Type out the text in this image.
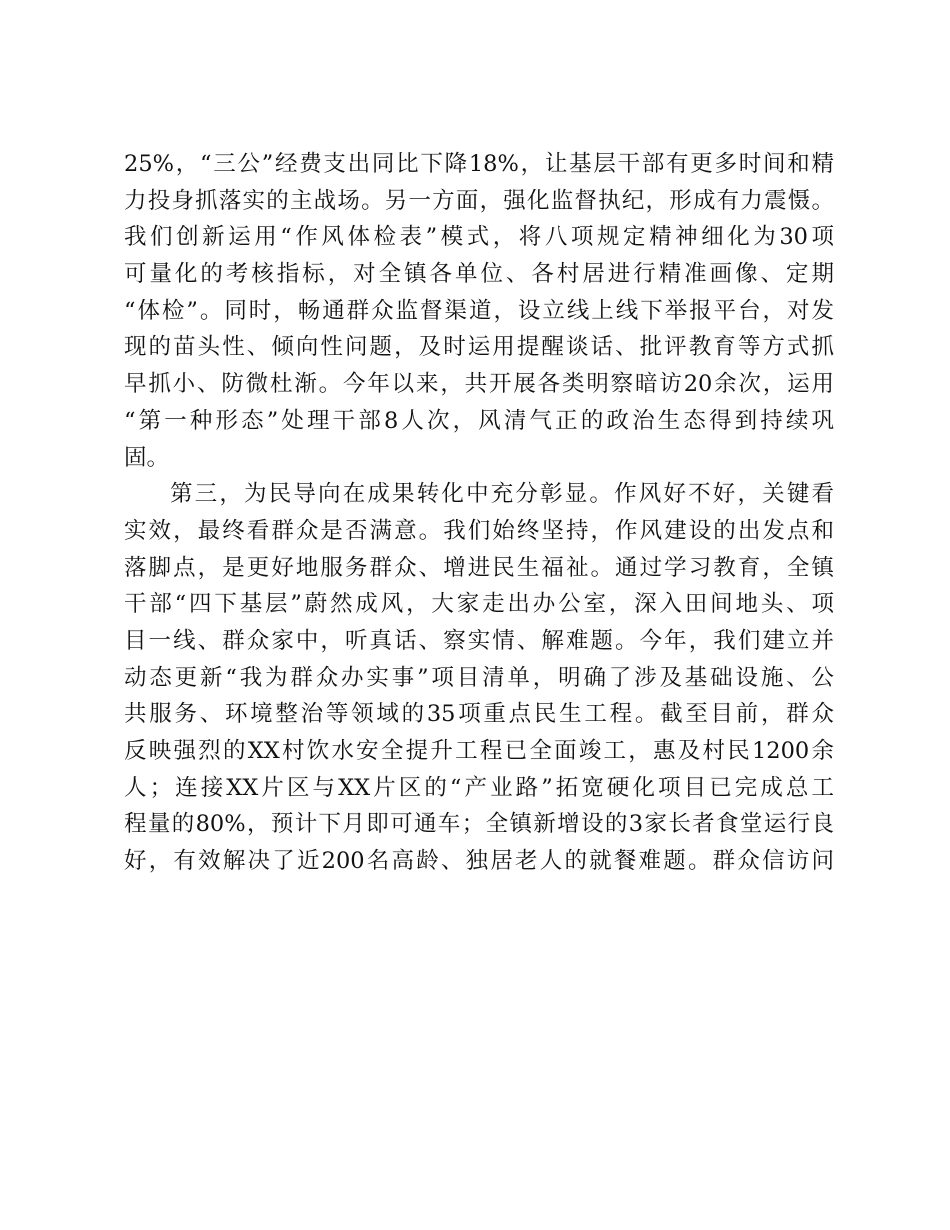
25%，“三公”经费支出同比下降18%，让基层干部有更多时间和精
力投身抓落实的主战场。另一方面，强化监督执纪，形成有力震慑。
我们创新运用“作风体检表”模式，将八项规定精神细化为30项
可量化的考核指标，对全镇各单位、各村居进行精准画像、定期
“体检”。同时，畅通群众监督渠道，设立线上线下举报平台，对发
现的苗头性、倾向性问题，及时运用提醒谈话、批评教育等方式抓
早抓小、防微杜渐。今年以来，共开展各类明察暗访20余次，运用
“第一种形态”处理干部8人次，风清气正的政治生态得到持续巩
固。
第三，为民导向在成果转化中充分彰显。作风好不好，关键看
实效，最终看群众是否满意。我们始终坚持，作风建设的出发点和
落脚点，是更好地服务群众、增进民生福祉。通过学习教育，全镇
干部“四下基层”蔚然成风，大家走出办公室，深入田间地头、项
目一线、群众家中，听真话、察实情、解难题。今年，我们建立并
动态更新“我为群众办实事”项目清单，明确了涉及基础设施、公
共服务、环境整治等领域的35项重点民生工程。截至目前，群众
反映强烈的XX村饮水安全提升工程已全面竣工，惠及村民1200余
人；连接XX片区与XX片区的“产业路”拓宽硬化项目已完成总工
程量的80%，预计下月即可通车；全镇新增设的3家长者食堂运行良
好，有效解决了近200名高龄、独居老人的就餐难题。群众信访问
